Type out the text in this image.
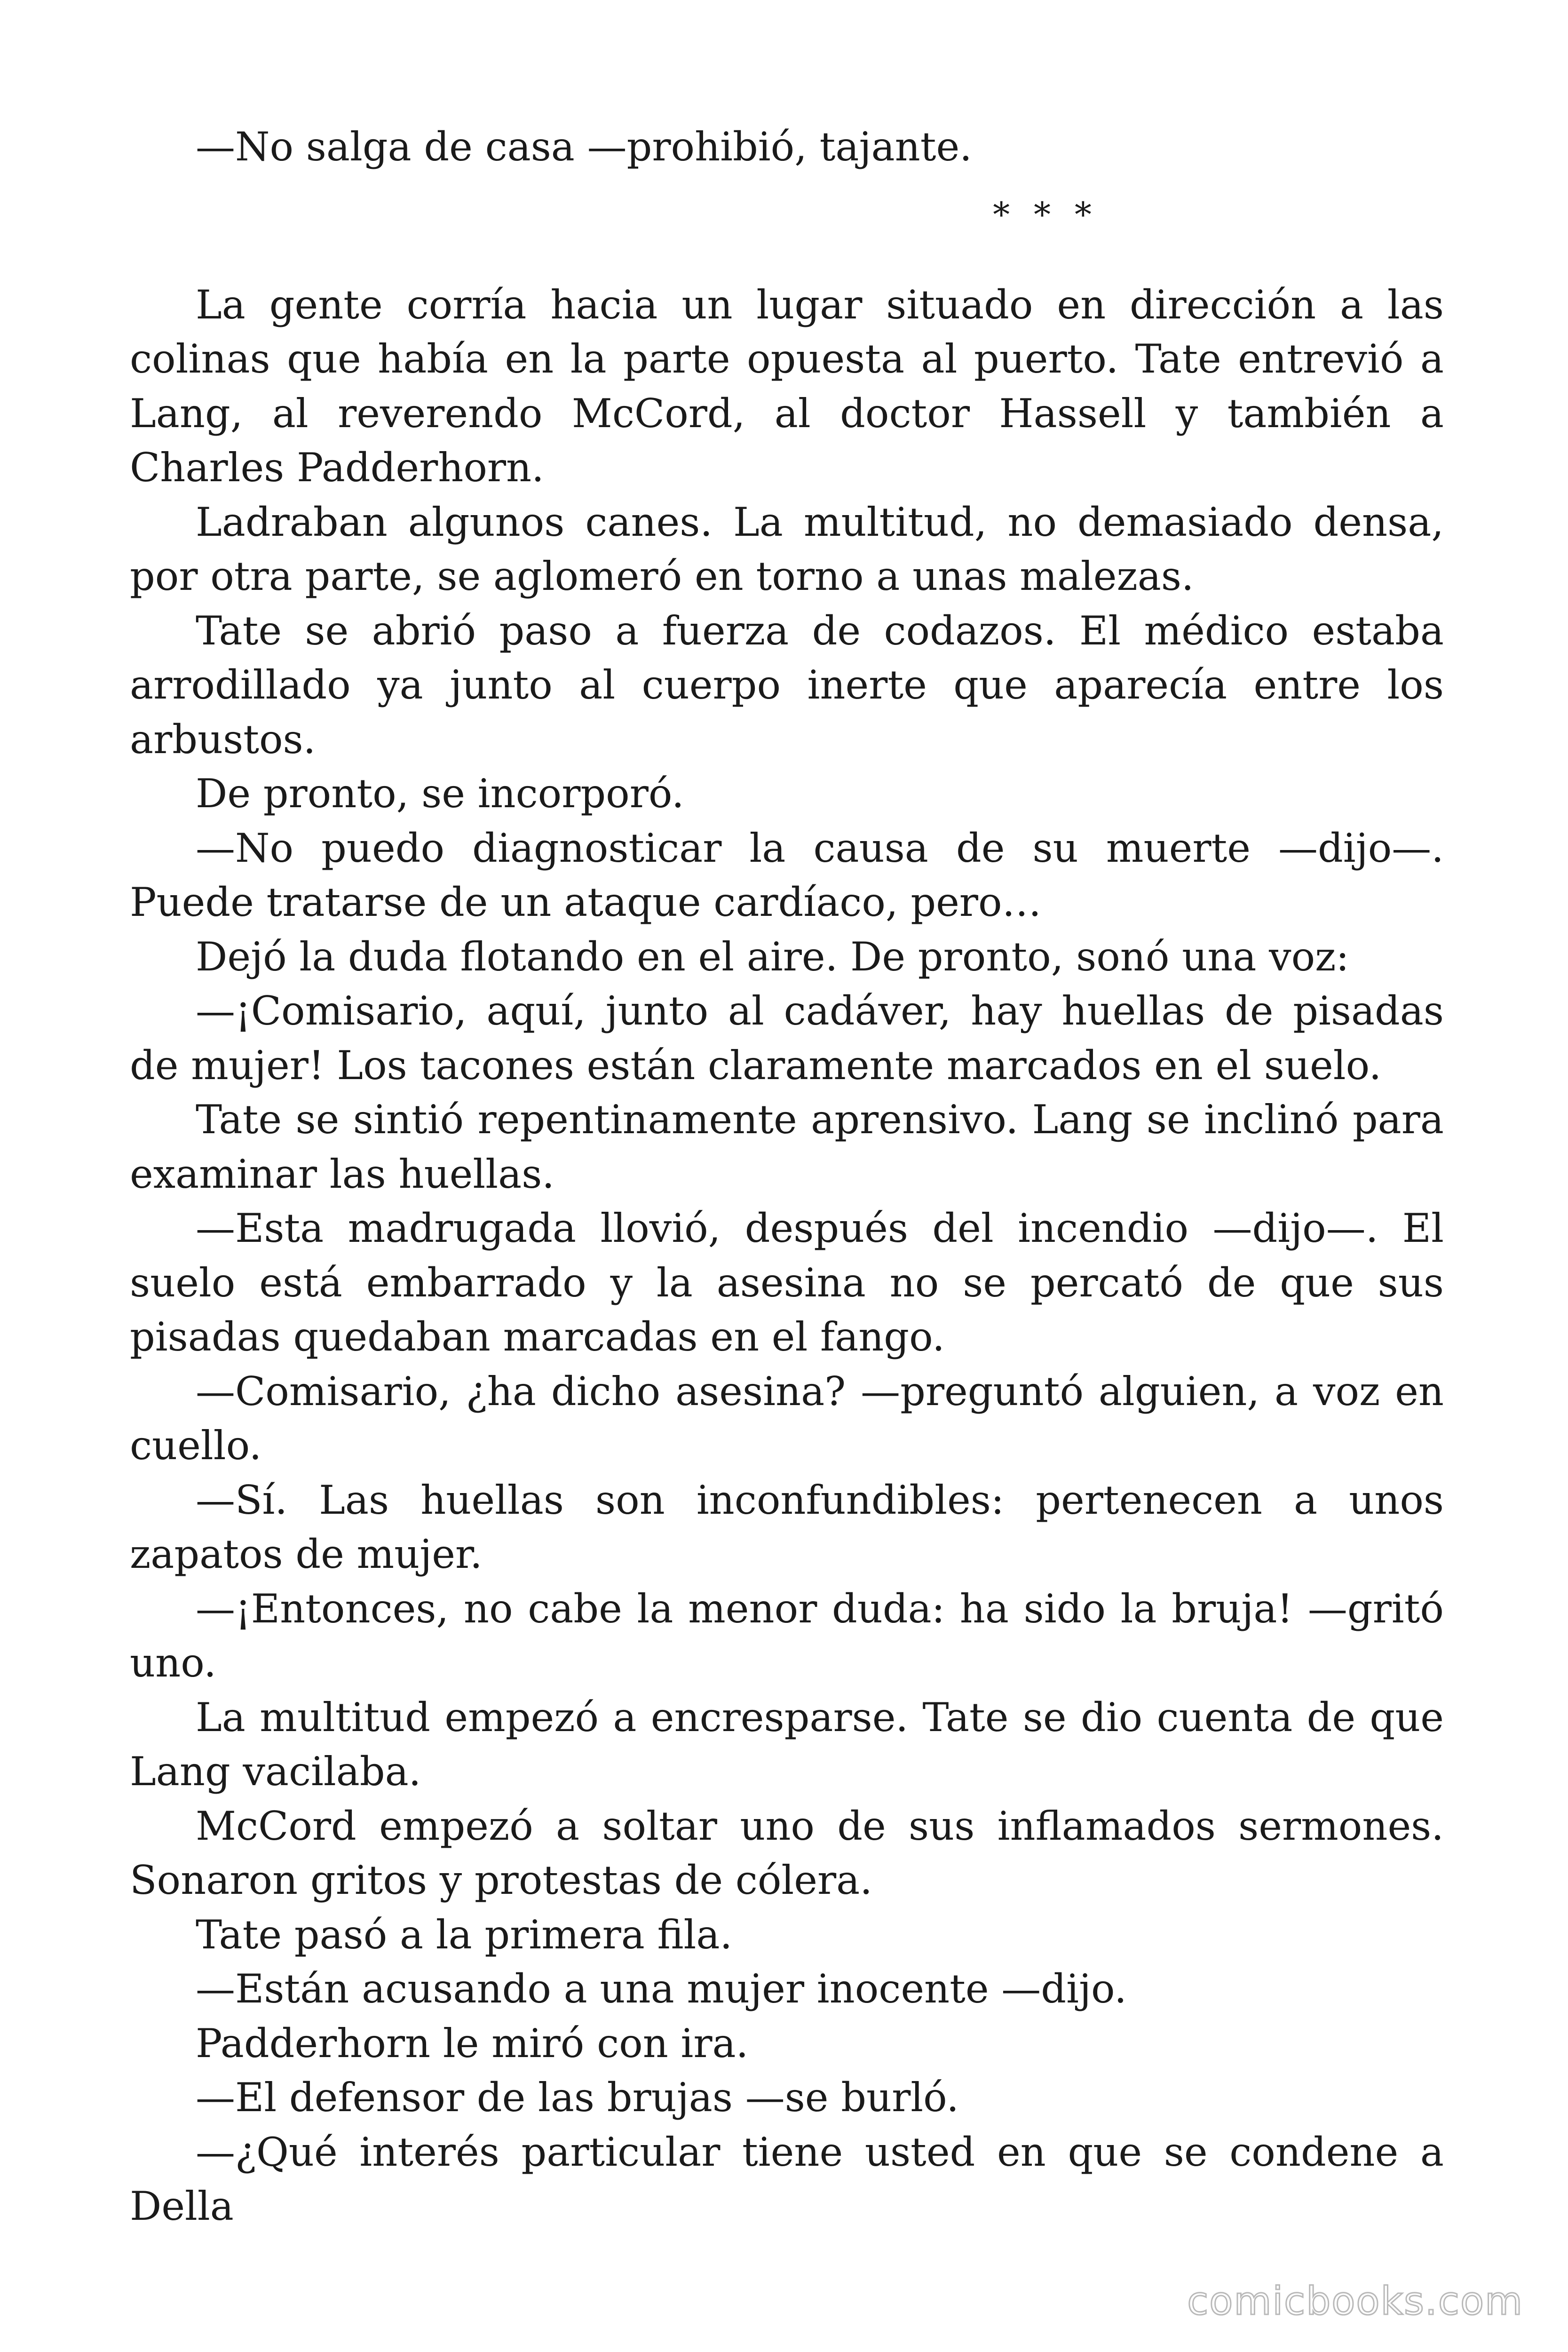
—No salga de casa —prohibió, tajante.

* * *

La gente corría hacia un lugar situado en dirección a las colinas que había en la parte opuesta al puerto. Tate entrevió a Lang, al reverendo McCord, al doctor Hassell y también a Charles Padderhorn.

Ladraban algunos canes. La multitud, no demasiado densa, por otra parte, se aglomeró en torno a unas malezas.

Tate se abrió paso a fuerza de codazos. El médico estaba arrodillado ya junto al cuerpo inerte que aparecía entre los arbustos.

De pronto, se incorporó.

—No puedo diagnosticar la causa de su muerte —dijo—. Puede tratarse de un ataque cardíaco, pero…

Dejó la duda flotando en el aire. De pronto, sonó una voz:

—¡Comisario, aquí, junto al cadáver, hay huellas de pisadas de mujer! Los tacones están claramente marcados en el suelo.

Tate se sintió repentinamente aprensivo. Lang se inclinó para examinar las huellas.

—Esta madrugada llovió, después del incendio —dijo—. El suelo está embarrado y la asesina no se percató de que sus pisadas quedaban marcadas en el fango.

—Comisario, ¿ha dicho asesina? —preguntó alguien, a voz en cuello.

—Sí. Las huellas son inconfundibles: pertenecen a unos zapatos de mujer.

—¡Entonces, no cabe la menor duda: ha sido la bruja! —gritó uno.

La multitud empezó a encresparse. Tate se dio cuenta de que Lang vacilaba.

McCord empezó a soltar uno de sus inflamados sermones. Sonaron gritos y protestas de cólera.

Tate pasó a la primera fila.

—Están acusando a una mujer inocente —dijo.

Padderhorn le miró con ira.

—El defensor de las brujas —se burló.

—¿Qué interés particular tiene usted en que se condene a Della

comicbooks.com
